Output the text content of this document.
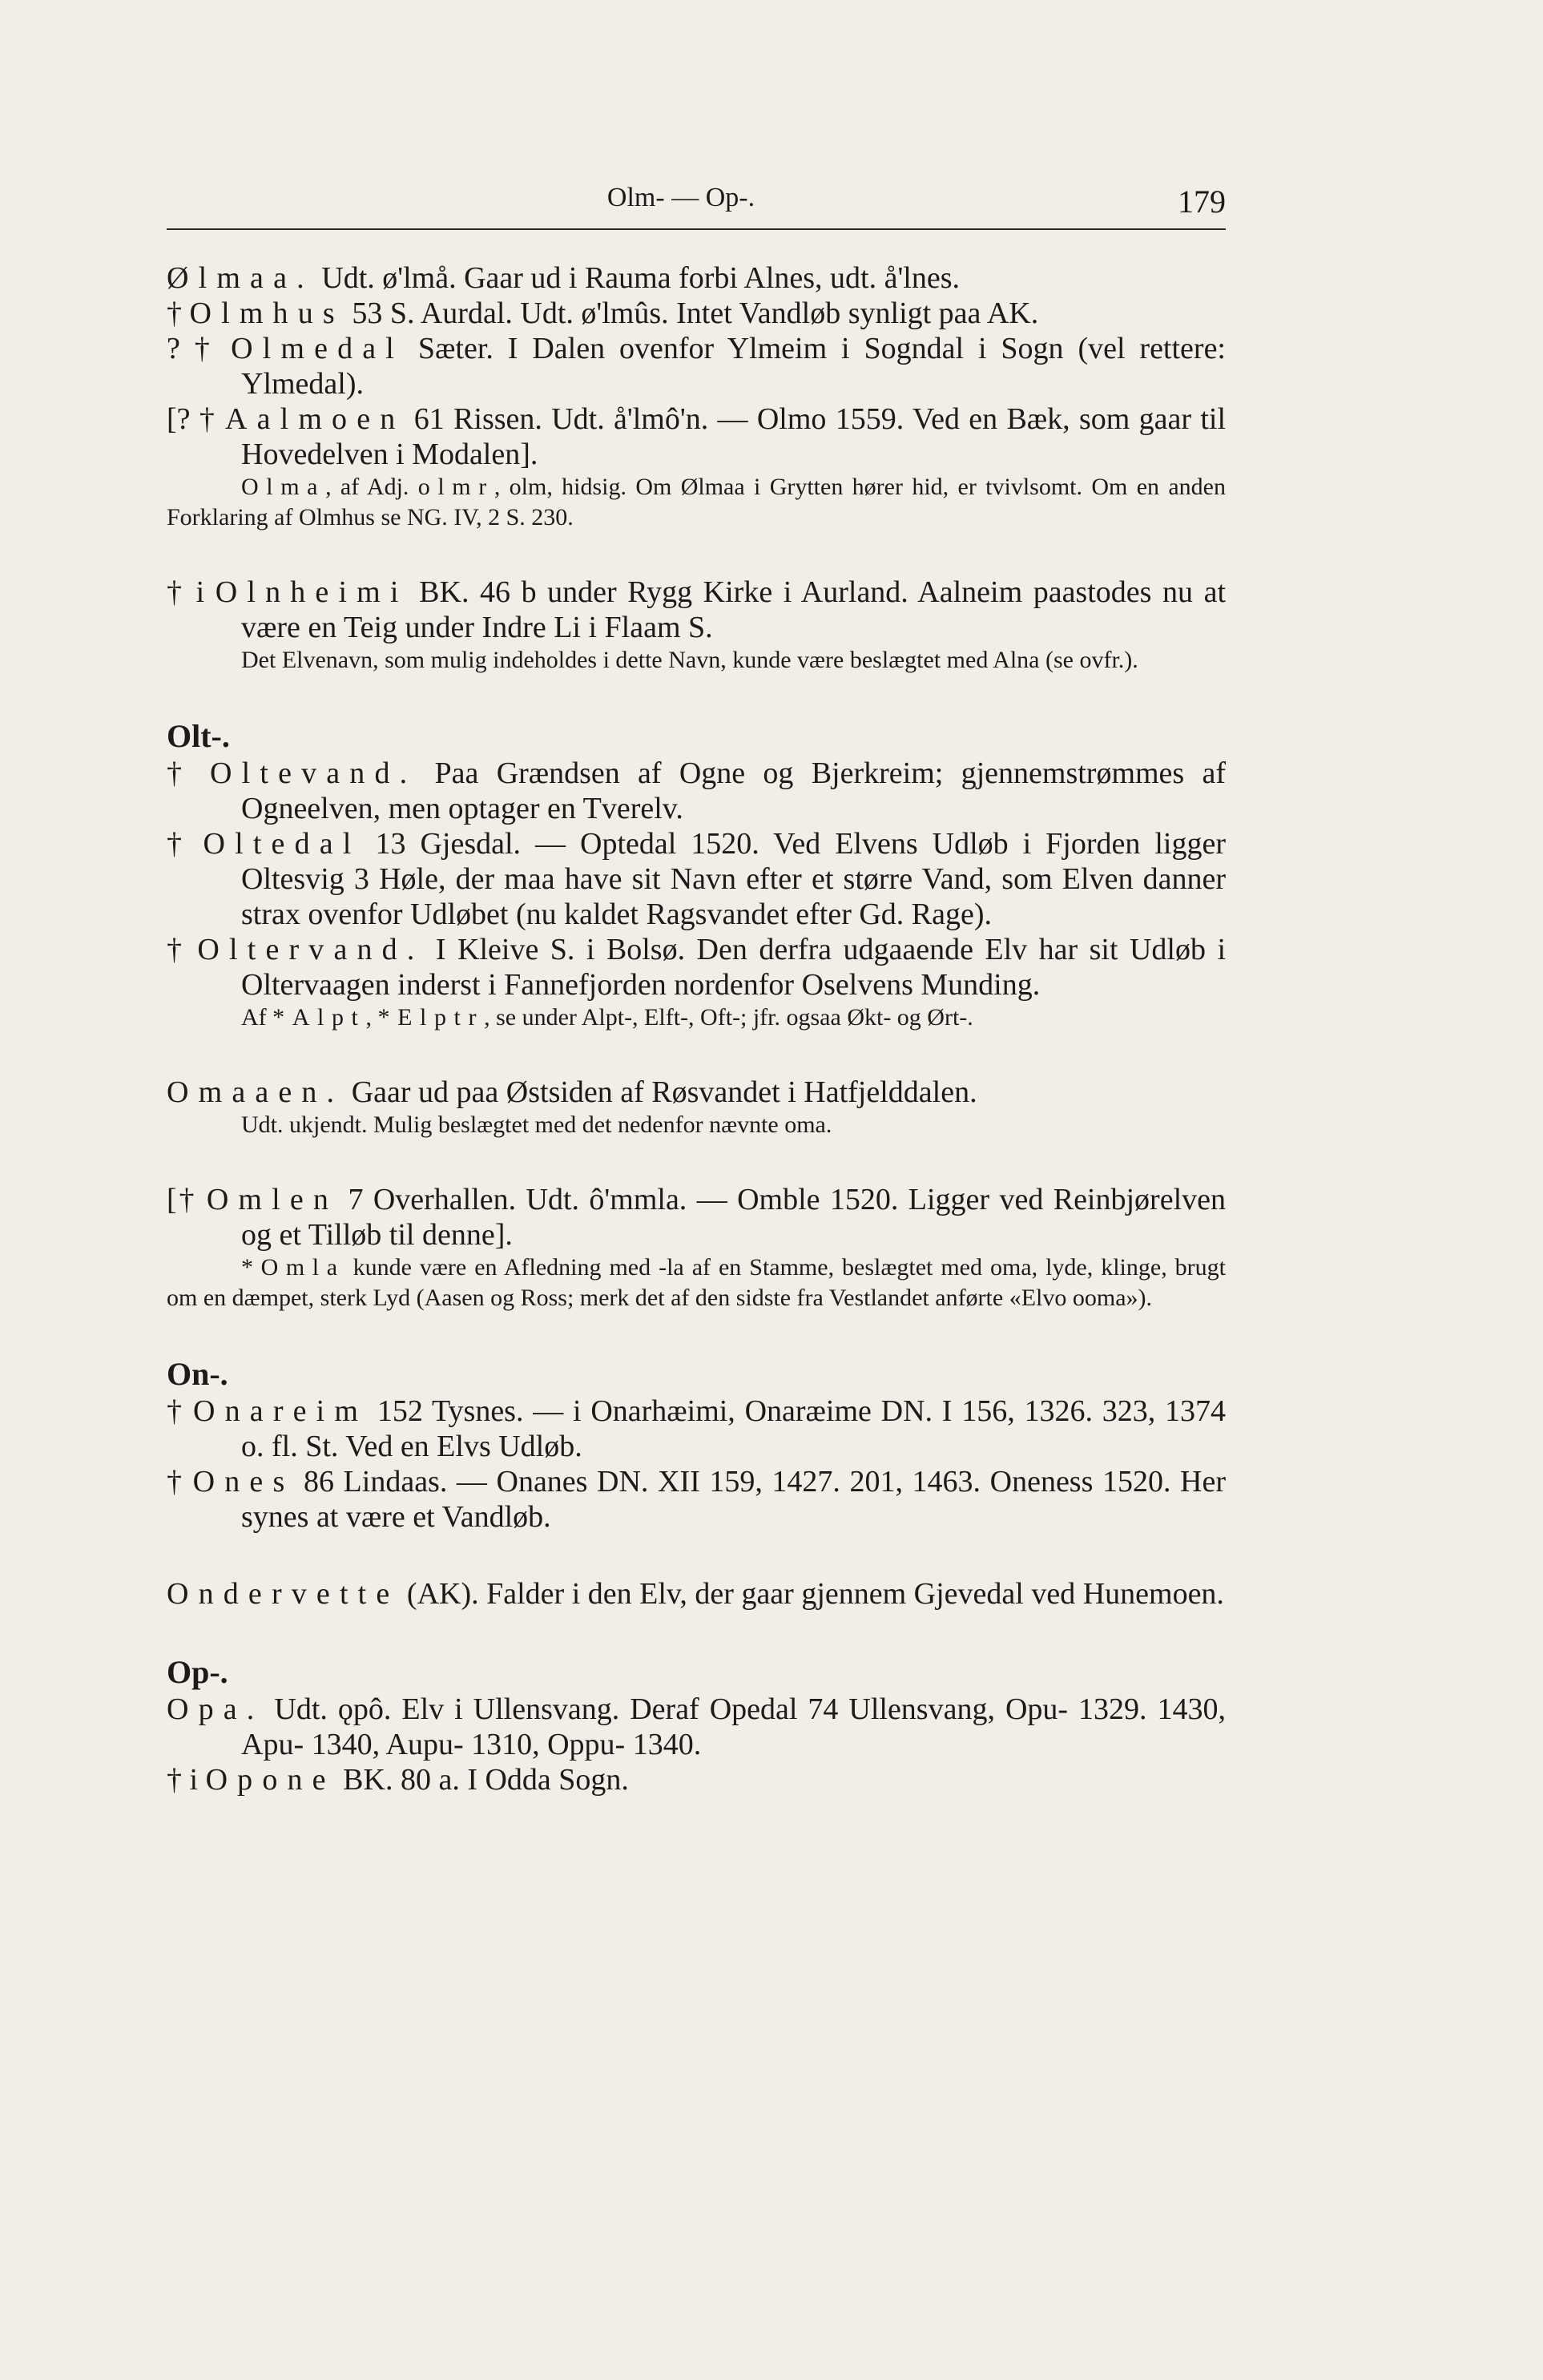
Olm- — Op-.	179

Ølmaa. Udt. ø'lmå. Gaar ud i Rauma forbi Alnes, udt. å'lnes.

† Olmhus 53 S. Aurdal. Udt. ø'lmûs. Intet Vandløb synligt paa AK.

? † Olmedal Sæter. I Dalen ovenfor Ylmeim i Sogndal i Sogn (vel rettere: Ylmedal).

[? † Aalmoen 61 Rissen. Udt. å'lmô'n. — Olmo 1559. Ved en Bæk, som gaar til Hovedelven i Modalen].

Olma, af Adj. olmr, olm, hidsig. Om Ølmaa i Grytten hører hid, er tvivlsomt. Om en anden Forklaring af Olmhus se NG. IV, 2 S. 230.

† i Olnheimi BK. 46 b under Rygg Kirke i Aurland. Aalneim paastodes nu at være en Teig under Indre Li i Flaam S.

Det Elvenavn, som mulig indeholdes i dette Navn, kunde være beslægtet med Alna (se ovfr.).

Olt-.

† Oltevand. Paa Grændsen af Ogne og Bjerkreim; gjennemstrømmes af Ogneelven, men optager en Tverelv.

† Oltedal 13 Gjesdal. — Optedal 1520. Ved Elvens Udløb i Fjorden ligger Oltesvig 3 Høle, der maa have sit Navn efter et større Vand, som Elven danner strax ovenfor Udløbet (nu kaldet Ragsvandet efter Gd. Rage).

† Oltervand. I Kleive S. i Bolsø. Den derfra udgaaende Elv har sit Udløb i Oltervaagen inderst i Fannefjorden nordenfor Oselvens Munding.

Af *Alpt, *Elptr, se under Alpt-, Elft-, Oft-; jfr. ogsaa Økt- og Ørt-.

Omaaen. Gaar ud paa Østsiden af Røsvandet i Hatfjelddalen.

Udt. ukjendt. Mulig beslægtet med det nedenfor nævnte oma.

[† Omlen 7 Overhallen. Udt. ô'mmla. — Omble 1520. Ligger ved Reinbjørelven og et Tilløb til denne].

*Omla kunde være en Afledning med -la af en Stamme, beslægtet med oma, lyde, klinge, brugt om en dæmpet, sterk Lyd (Aasen og Ross; merk det af den sidste fra Vestlandet anførte «Elvo ooma»).

On-.

† Onareim 152 Tysnes. — i Onarhæimi, Onaræime DN. I 156, 1326. 323, 1374 o. fl. St. Ved en Elvs Udløb.

† Ones 86 Lindaas. — Onanes DN. XII 159, 1427. 201, 1463. Oneness 1520. Her synes at være et Vandløb.

Ondervette (AK). Falder i den Elv, der gaar gjennem Gjevedal ved Hunemoen.

Op-.

Opa. Udt. ǫpô. Elv i Ullensvang. Deraf Opedal 74 Ullensvang, Opu- 1329. 1430, Apu- 1340, Aupu- 1310, Oppu- 1340.

† i Opone BK. 80 a. I Odda Sogn.
